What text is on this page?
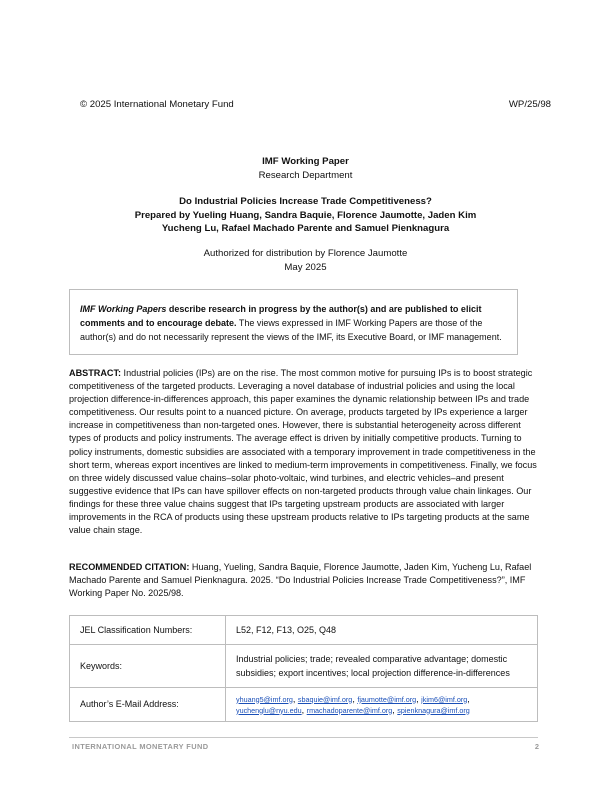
© 2025 International Monetary Fund	WP/25/98
IMF Working Paper
Research Department
Do Industrial Policies Increase Trade Competitiveness?
Prepared by Yueling Huang, Sandra Baquie, Florence Jaumotte, Jaden Kim
Yucheng Lu, Rafael Machado Parente and Samuel Pienknagura
Authorized for distribution by Florence Jaumotte
May 2025
IMF Working Papers describe research in progress by the author(s) and are published to elicit comments and to encourage debate. The views expressed in IMF Working Papers are those of the author(s) and do not necessarily represent the views of the IMF, its Executive Board, or IMF management.
ABSTRACT: Industrial policies (IPs) are on the rise. The most common motive for pursuing IPs is to boost strategic competitiveness of the targeted products. Leveraging a novel database of industrial policies and using the local projection difference-in-differences approach, this paper examines the dynamic relationship between IPs and trade competitiveness. Our results point to a nuanced picture. On average, products targeted by IPs experience a larger increase in competitiveness than non-targeted ones. However, there is substantial heterogeneity across different types of products and policy instruments. The average effect is driven by initially competitive products. Turning to policy instruments, domestic subsidies are associated with a temporary improvement in trade competitiveness in the short term, whereas export incentives are linked to medium-term improvements in competitiveness. Finally, we focus on three widely discussed value chains–solar photo-voltaic, wind turbines, and electric vehicles–and present suggestive evidence that IPs can have spillover effects on non-targeted products through value chain linkages. Our findings for these three value chains suggest that IPs targeting upstream products are associated with larger improvements in the RCA of products using these upstream products relative to IPs targeting products at the same value chain stage.
RECOMMENDED CITATION: Huang, Yueling, Sandra Baquie, Florence Jaumotte, Jaden Kim, Yucheng Lu, Rafael Machado Parente and Samuel Pienknagura. 2025. “Do Industrial Policies Increase Trade Competitiveness?”, IMF Working Paper No. 2025/98.
JEL Classification Numbers:	L52, F12, F13, O25, Q48
Keywords:	Industrial policies; trade; revealed comparative advantage; domestic subsidies; export incentives; local projection difference-in-differences
Author’s E-Mail Address:	yhuang5@imf.org, sbaquie@imf.org, fjaumotte@imf.org, jkim6@imf.org,
yuchenglu@nyu.edu, rmachadoparente@imf.org, spienknagura@imf.org
INTERNATIONAL MONETARY FUND	2
